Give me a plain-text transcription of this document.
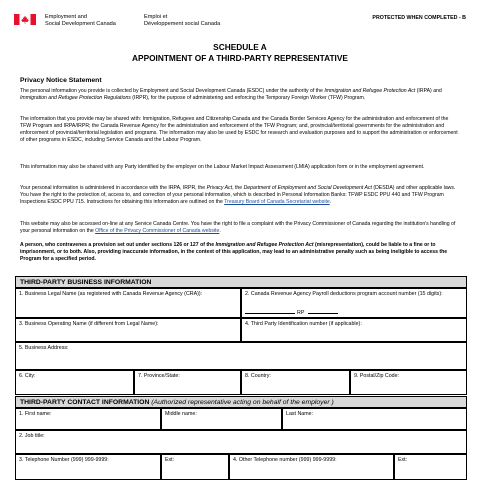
Employment and
Social Development Canada
Emploi et
Développement social Canada
PROTECTED WHEN COMPLETED - B
SCHEDULE A
APPOINTMENT OF A THIRD-PARTY REPRESENTATIVE
Privacy Notice Statement
The personal information you provide is collected by Employment and Social Development Canada (ESDC) under the authority of the Immigration and Refugee Protection Act (IRPA) and Immigration and Refugee Protection Regulations (IRPR), for the purpose of administering and enforcing the Temporary Foreign Worker (TFW) Program.
The information that you provide may be shared with: Immigration, Refugees and Citizenship Canada and the Canada Border Services Agency for the administration and enforcement of the TFW Program and IRPA/IRPR; the Canada Revenue Agency for the administration and enforcement of the TFW Program; and, provincial/territorial governments for the administration and enforcement of provincial/territorial legislation and programs. The information may also be used by ESDC for research and evaluation purposes and to support the administration or enforcement of other programs in ESDC, including Service Canada and the Labour Program.
This information may also be shared with any Party identified by the employer on the Labour Market Impact Assessment (LMIA) application form or in the employment agreement.
Your personal information is administered in accordance with the IRPA, IRPR, the Privacy Act, the Department of Employment and Social Development Act (DESDA) and other applicable laws. You have the right to the protection of, access to, and correction of your personal information, which is described in Personal Information Banks: TFWP ESDC PPU 440 and TFW Program Inspections ESDC PPU 715. Instructions for obtaining this information are outlined on the Treasury Board of Canada Secretariat website.
This website may also be accessed on-line at any Service Canada Centre. You have the right to file a complaint with the Privacy Commissioner of Canada regarding the institution's handling of your personal information on the Office of the Privacy Commissioner of Canada website.
A person, who contravenes a provision set out under sections 126 or 127 of the Immigration and Refugee Protection Act (misrepresentation), could be liable to a fine or to imprisonment, or to both. Also, providing inaccurate information, in the context of this application, may lead to an administrative penalty such as being ineligible to access the Program for a specified period.
THIRD-PARTY BUSINESS INFORMATION
1. Business Legal Name (as registered with Canada Revenue Agency (CRA)):	2. Canada Revenue Agency Payroll deductions program account number (15 digits):
RP
3. Business Operating Name (if different from Legal Name):	4. Third Party Identification number (if applicable):
5. Business Address:
6. City:	7. Province/State:	8. Country:	9. Postal/Zip Code:
THIRD-PARTY CONTACT INFORMATION (Authorized representative acting on behalf of the employer )
1. First name:	Middle name:	Last Name:
2. Job title:
3. Telephone Number (999) 999-9999:	Ext:	4. Other Telephone number (999) 999-9999:	Ext:
